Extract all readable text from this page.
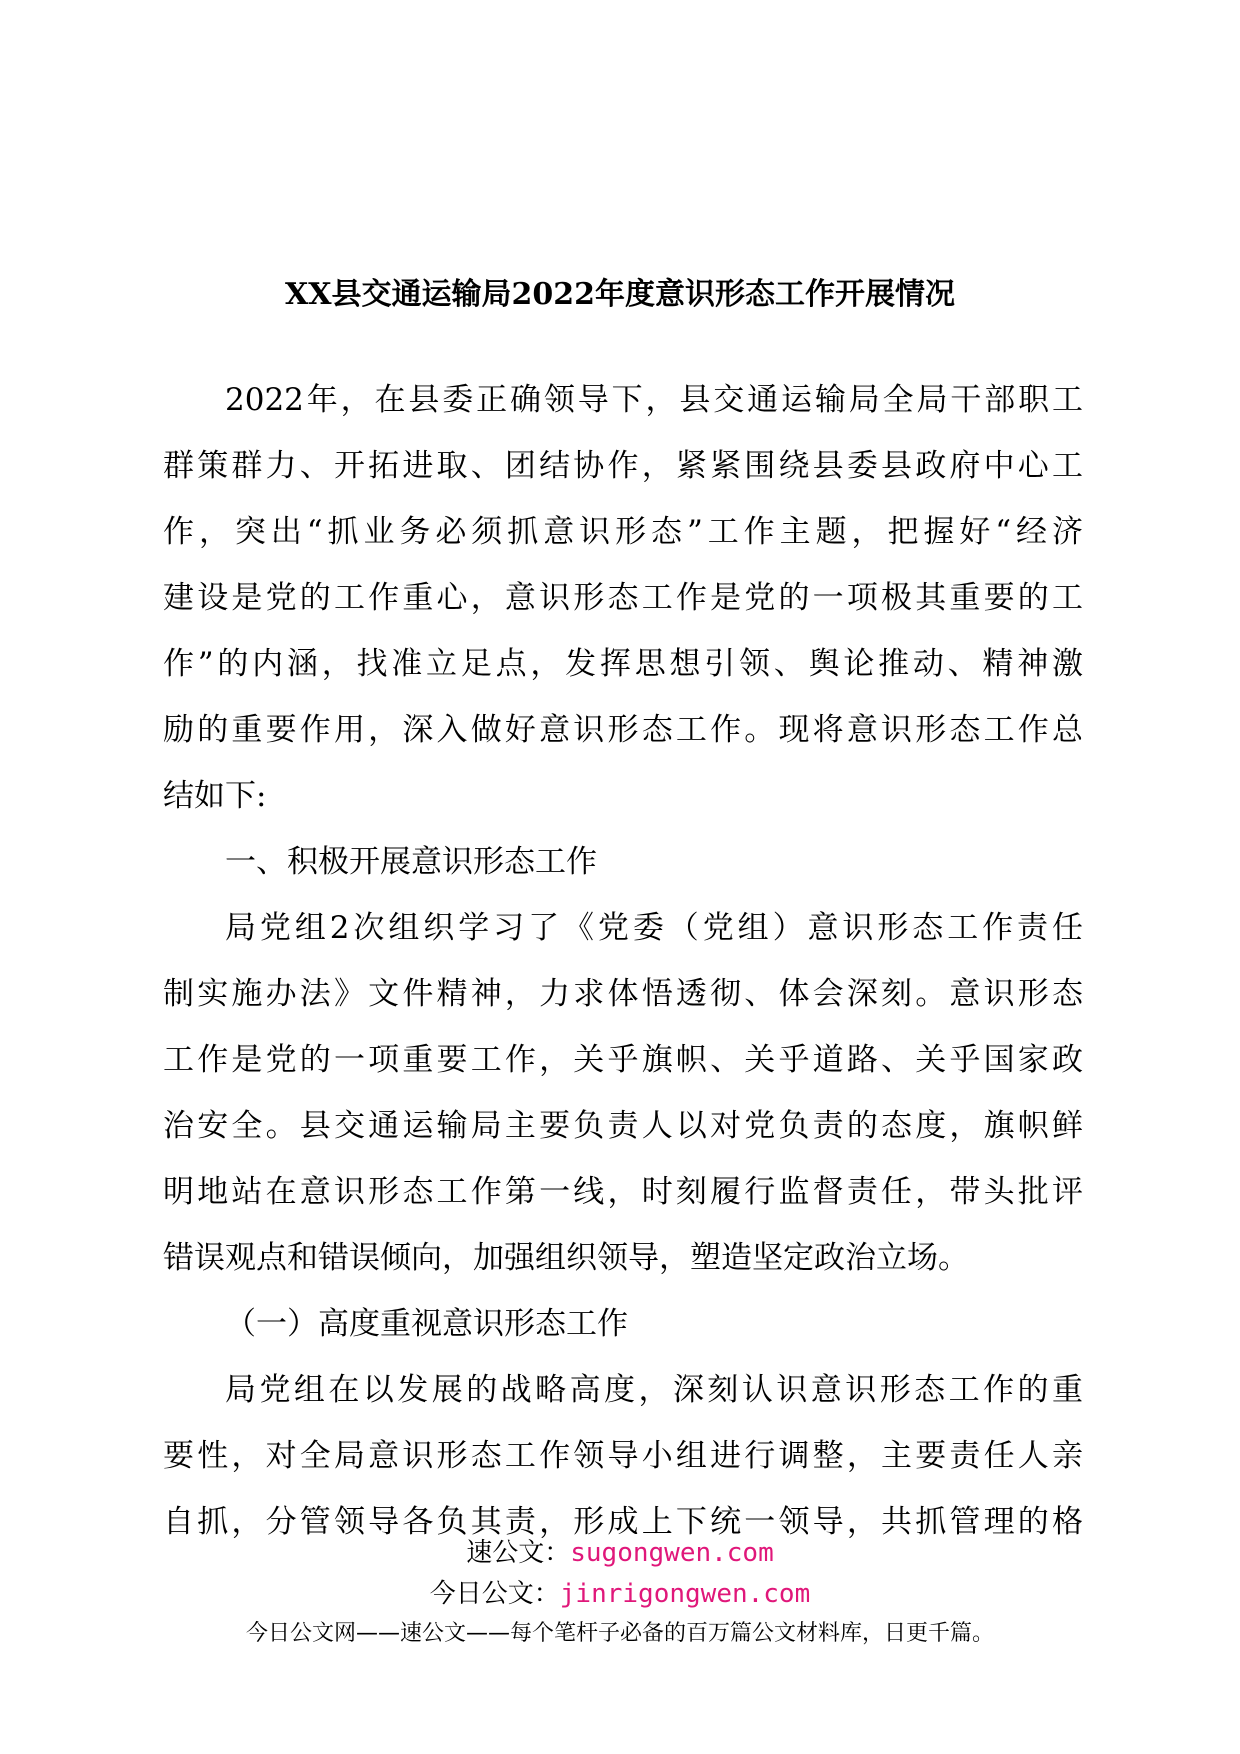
XX县交通运输局2022年度意识形态工作开展情况
2022年，在县委正确领导下，县交通运输局全局干部职工
群策群力、开拓进取、团结协作，紧紧围绕县委县政府中心工
作，突出“抓业务必须抓意识形态”工作主题，把握好“经济
建设是党的工作重心，意识形态工作是党的一项极其重要的工
作”的内涵，找准立足点，发挥思想引领、舆论推动、精神激
励的重要作用，深入做好意识形态工作。现将意识形态工作总
结如下:
一、积极开展意识形态工作
局党组2次组织学习了《党委（党组）意识形态工作责任
制实施办法》文件精神，力求体悟透彻、体会深刻。意识形态
工作是党的一项重要工作，关乎旗帜、关乎道路、关乎国家政
治安全。县交通运输局主要负责人以对党负责的态度，旗帜鲜
明地站在意识形态工作第一线，时刻履行监督责任，带头批评
错误观点和错误倾向，加强组织领导，塑造坚定政治立场。
（一）高度重视意识形态工作
局党组在以发展的战略高度，深刻认识意识形态工作的重
要性，对全局意识形态工作领导小组进行调整，主要责任人亲
自抓，分管领导各负其责，形成上下统一领导，共抓管理的格
速公文：sugongwen.com
今日公文：jinrigongwen.com
今日公文网——速公文——每个笔杆子必备的百万篇公文材料库，日更千篇。
